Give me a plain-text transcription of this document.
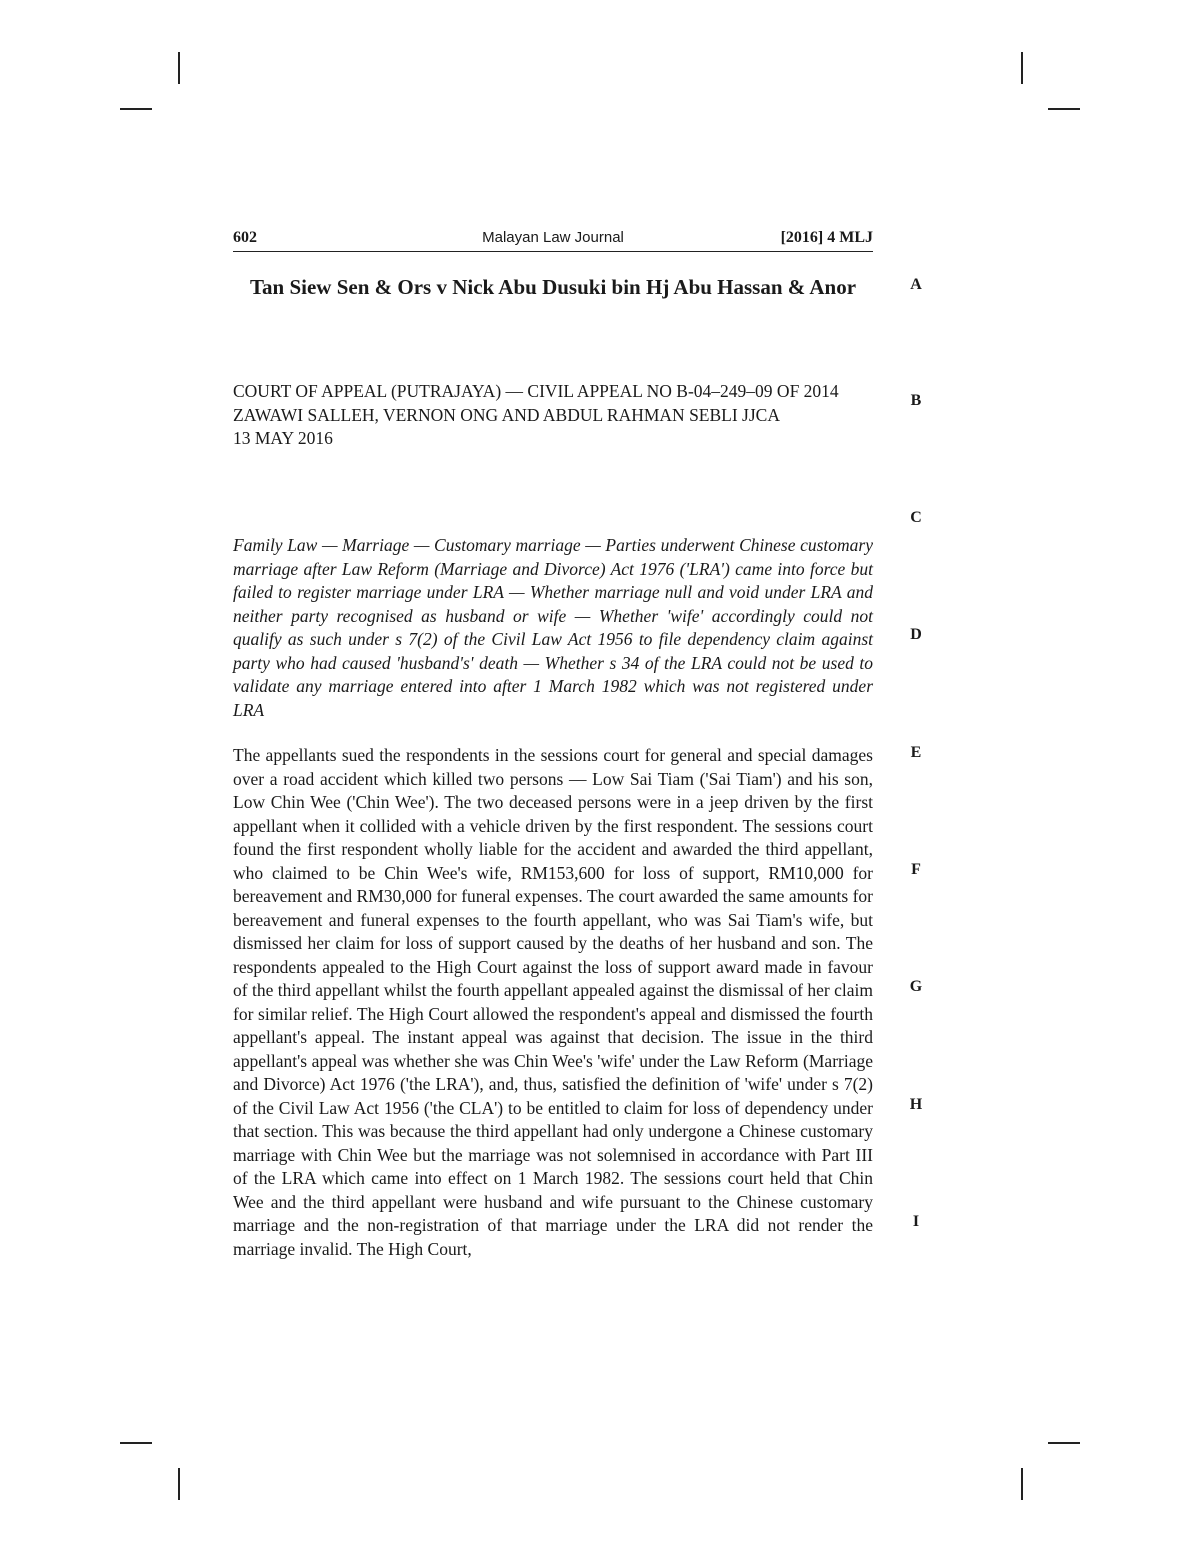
602	Malayan Law Journal	[2016] 4 MLJ
Tan Siew Sen & Ors v Nick Abu Dusuki bin Hj Abu Hassan & Anor
COURT OF APPEAL (PUTRAJAYA) — CIVIL APPEAL NO B-04–249–09 OF 2014
ZAWAWI SALLEH, VERNON ONG AND ABDUL RAHMAN SEBLI JJCA
13 MAY 2016
Family Law — Marriage — Customary marriage — Parties underwent Chinese customary marriage after Law Reform (Marriage and Divorce) Act 1976 ('LRA') came into force but failed to register marriage under LRA — Whether marriage null and void under LRA and neither party recognised as husband or wife — Whether 'wife' accordingly could not qualify as such under s 7(2) of the Civil Law Act 1956 to file dependency claim against party who had caused 'husband's' death — Whether s 34 of the LRA could not be used to validate any marriage entered into after 1 March 1982 which was not registered under LRA
The appellants sued the respondents in the sessions court for general and special damages over a road accident which killed two persons — Low Sai Tiam ('Sai Tiam') and his son, Low Chin Wee ('Chin Wee'). The two deceased persons were in a jeep driven by the first appellant when it collided with a vehicle driven by the first respondent. The sessions court found the first respondent wholly liable for the accident and awarded the third appellant, who claimed to be Chin Wee's wife, RM153,600 for loss of support, RM10,000 for bereavement and RM30,000 for funeral expenses. The court awarded the same amounts for bereavement and funeral expenses to the fourth appellant, who was Sai Tiam's wife, but dismissed her claim for loss of support caused by the deaths of her husband and son. The respondents appealed to the High Court against the loss of support award made in favour of the third appellant whilst the fourth appellant appealed against the dismissal of her claim for similar relief. The High Court allowed the respondent's appeal and dismissed the fourth appellant's appeal. The instant appeal was against that decision. The issue in the third appellant's appeal was whether she was Chin Wee's 'wife' under the Law Reform (Marriage and Divorce) Act 1976 ('the LRA'), and, thus, satisfied the definition of 'wife' under s 7(2) of the Civil Law Act 1956 ('the CLA') to be entitled to claim for loss of dependency under that section. This was because the third appellant had only undergone a Chinese customary marriage with Chin Wee but the marriage was not solemnised in accordance with Part III of the LRA which came into effect on 1 March 1982. The sessions court held that Chin Wee and the third appellant were husband and wife pursuant to the Chinese customary marriage and the non-registration of that marriage under the LRA did not render the marriage invalid. The High Court,
A
B
C
D
E
F
G
H
I
